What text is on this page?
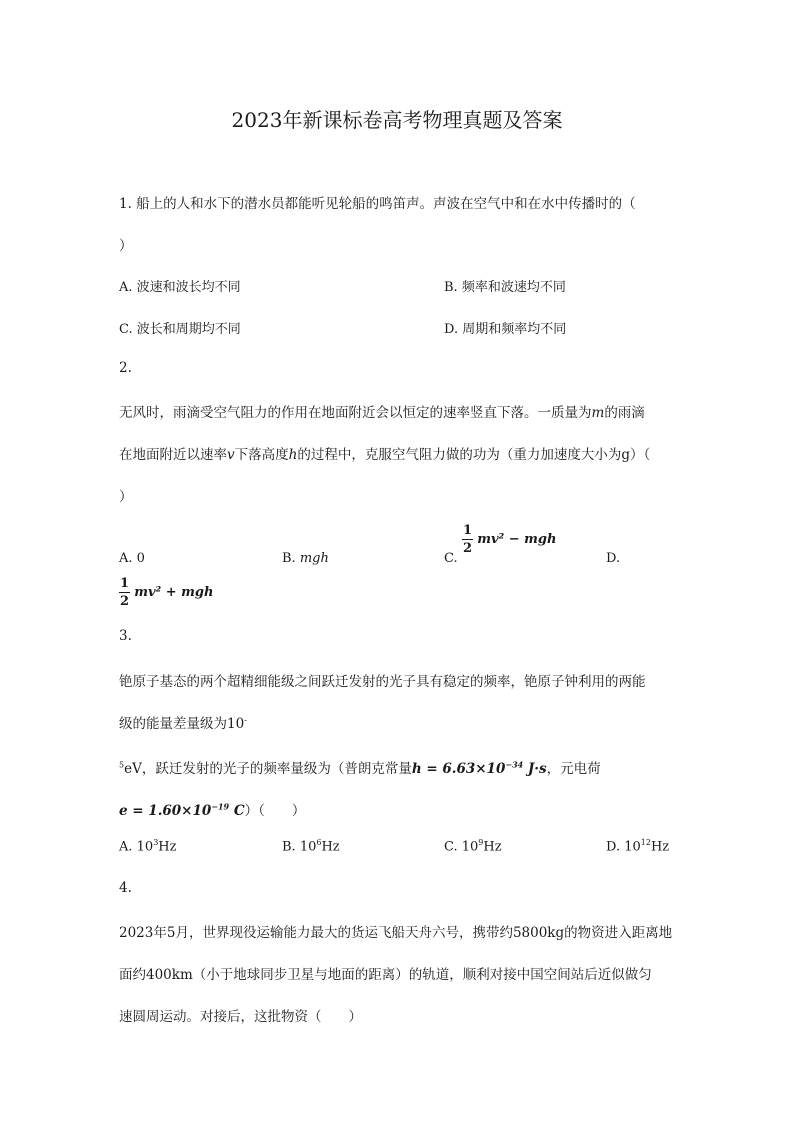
2023年新课标卷高考物理真题及答案
1. 船上的人和水下的潜水员都能听见轮船的鸣笛声。声波在空气中和在水中传播时的（
）
A. 波速和波长均不同	B. 频率和波速均不同
C. 波长和周期均不同	D. 周期和频率均不同
2.
无风时，雨滴受空气阻力的作用在地面附近会以恒定的速率竖直下落。一质量为m的雨滴
在地面附近以速率v下落高度h的过程中，克服空气阻力做的功为（重力加速度大小为g）（
）
A. 0	B. mgh	C.
$\frac{1}{2} mv^2$ − mgh
D.
$\frac{1}{2} mv^2$ + mgh
3.
铯原子基态的两个超精细能级之间跃迁发射的光子具有稳定的频率，铯原子钟利用的两能
级的能量差量级为10-
$^5$eV，跃迁发射的光子的频率量级为（普朗克常量$h = 6.63\times 10^{-34}$ J·s，元电荷
$e = 1.60\times 10^{-19}$ C）（　　）
A. $10^3Hz$	B. $10^6Hz$	C. $10^9Hz$	D. $10^{12}Hz$
4.
2023年5月，世界现役运输能力最大的货运飞船天舟六号，携带约5800kg的物资进入距离地
面约400km（小于地球同步卫星与地面的距离）的轨道，顺利对接中国空间站后近似做匀
速圆周运动。对接后，这批物资（　　）
